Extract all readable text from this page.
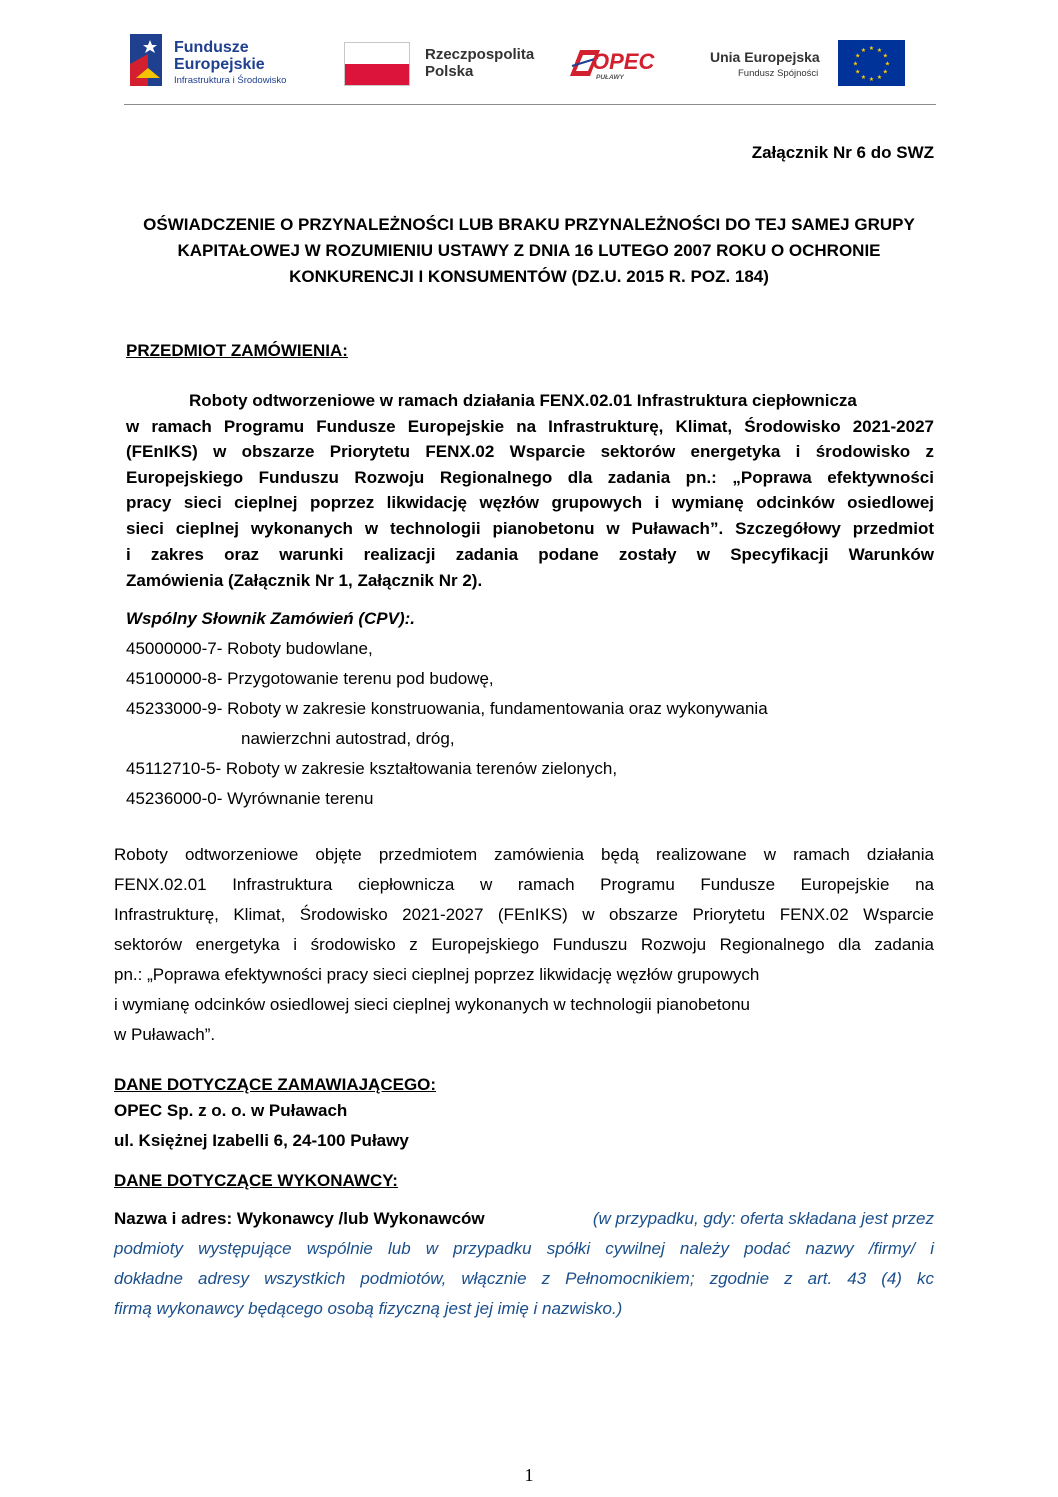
Fundusze
Europejskie
Infrastruktura i Środowisko
Rzeczpospolita
Polska	OPEC
PUŁAWY
Unia Europejska
Fundusz Spójności
★ ★
★
★
★
★
★
★
★
★
★
★
Załącznik Nr 6 do SWZ
OŚWIADCZENIE O PRZYNALEŻNOŚCI LUB BRAKU PRZYNALEŻNOŚCI DO TEJ SAMEJ GRUPY
KAPITAŁOWEJ W ROZUMIENIU USTAWY Z DNIA 16 LUTEGO 2007 ROKU O OCHRONIE
KONKURENCJI I KONSUMENTÓW (DZ.U. 2015 R. POZ. 184)
PRZEDMIOT ZAMÓWIENIA:
Roboty odtworzeniowe w ramach działania FENX.02.01 Infrastruktura ciepłownicza
w ramach Programu Fundusze Europejskie na Infrastrukturę, Klimat, Środowisko 2021-2027
(FEnIKS) w obszarze Priorytetu FENX.02 Wsparcie sektorów energetyka i środowisko z
Europejskiego Funduszu Rozwoju Regionalnego dla zadania pn.: „Poprawa efektywności
pracy sieci cieplnej poprzez likwidację węzłów grupowych i wymianę odcinków osiedlowej
sieci cieplnej wykonanych w technologii pianobetonu w Puławach”. Szczegółowy przedmiot
i zakres oraz warunki realizacji zadania podane zostały w Specyfikacji Warunków
Zamówienia (Załącznik Nr 1, Załącznik Nr 2).
Wspólny Słownik Zamówień (CPV):.
45000000-7- Roboty budowlane,
45100000-8- Przygotowanie terenu pod budowę,
45233000-9- Roboty w zakresie konstruowania, fundamentowania oraz wykonywania
nawierzchni autostrad, dróg,
45112710-5- Roboty w zakresie kształtowania terenów zielonych,
45236000-0- Wyrównanie terenu
Roboty odtworzeniowe objęte przedmiotem zamówienia będą realizowane w ramach działania
FENX.02.01 Infrastruktura ciepłownicza w ramach Programu Fundusze Europejskie na
Infrastrukturę, Klimat, Środowisko 2021-2027 (FEnIKS) w obszarze Priorytetu FENX.02 Wsparcie
sektorów energetyka i środowisko z Europejskiego Funduszu Rozwoju Regionalnego dla zadania
pn.: „Poprawa efektywności pracy sieci cieplnej poprzez likwidację węzłów grupowych
i wymianę odcinków osiedlowej sieci cieplnej wykonanych w technologii pianobetonu
w Puławach”.
DANE DOTYCZĄCE ZAMAWIAJĄCEGO:
OPEC Sp. z o. o. w Puławach
ul. Księżnej Izabelli 6, 24-100 Puławy
DANE DOTYCZĄCE WYKONAWCY:
Nazwa i adres: Wykonawcy /lub Wykonawców	(w przypadku, gdy: oferta składana jest przez
podmioty występujące wspólnie lub w przypadku spółki cywilnej należy podać nazwy /firmy/ i
dokładne adresy wszystkich podmiotów, włącznie z Pełnomocnikiem; zgodnie z art. 43 (4) kc
firmą wykonawcy będącego osobą fizyczną jest jej imię i nazwisko.)
1
